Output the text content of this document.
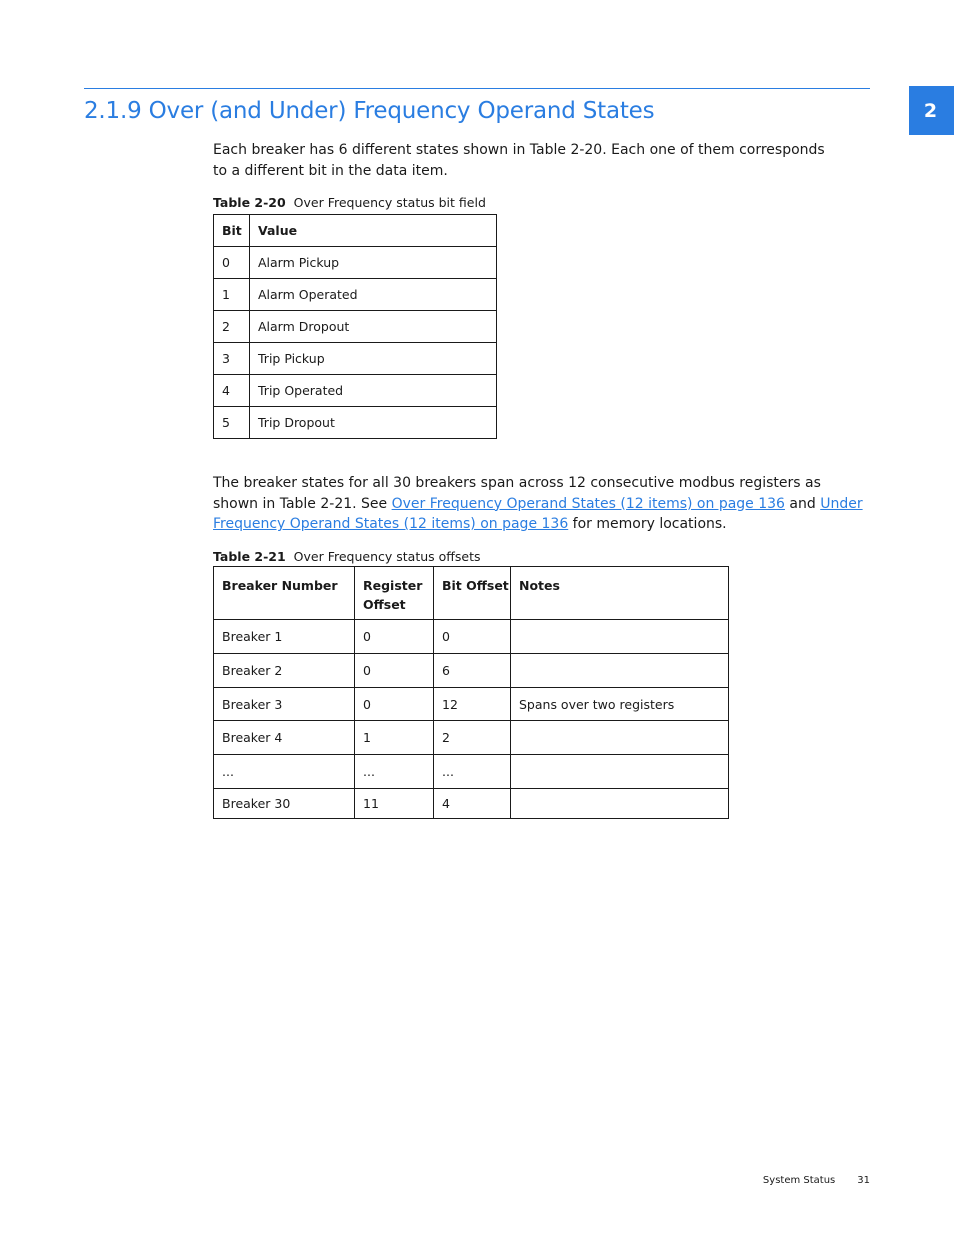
2
2.1.9 Over (and Under) Frequency Operand States

Each breaker has 6 different states shown in Table 2-20. Each one of them corresponds to a different bit in the data item.

Table 2-20 Over Frequency status bit field
Bit	Value
0	Alarm Pickup
1	Alarm Operated
2	Alarm Dropout
3	Trip Pickup
4	Trip Operated
5	Trip Dropout

The breaker states for all 30 breakers span across 12 consecutive modbus registers as shown in Table 2-21. See Over Frequency Operand States (12 items) on page 136 and Under Frequency Operand States (12 items) on page 136 for memory locations.

Table 2-21 Over Frequency status offsets
Breaker Number	Register Offset	Bit Offset	Notes
Breaker 1	0	0	
Breaker 2	0	6	
Breaker 3	0	12	Spans over two registers
Breaker 4	1	2	
...	...	...	
Breaker 30	11	4	
System Status 31
